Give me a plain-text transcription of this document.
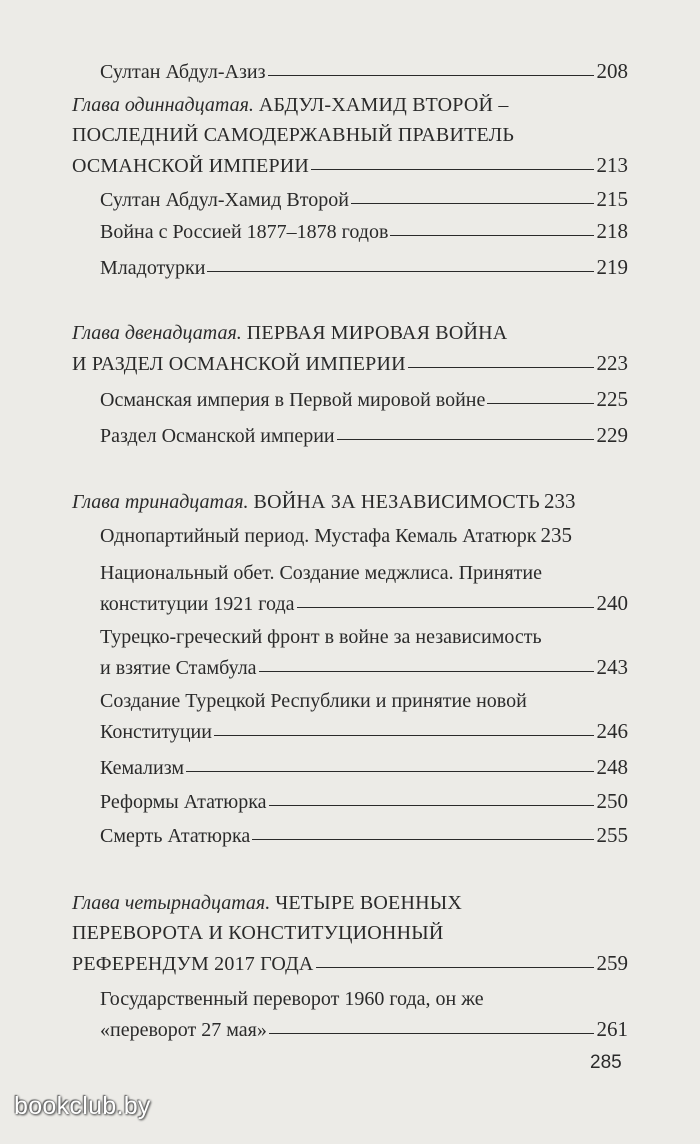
Султан Абдул-Азиз	208
Глава одиннадцатая. АБДУЛ-ХАМИД ВТОРОЙ –
ПОСЛЕДНИЙ САМОДЕРЖАВНЫЙ ПРАВИТЕЛЬ
ОСМАНСКОЙ ИМПЕРИИ	213
Султан Абдул-Хамид Второй	215
Война с Россией 1877–1878 годов	218
Младотурки	219
Глава двенадцатая. ПЕРВАЯ МИРОВАЯ ВОЙНА
И РАЗДЕЛ ОСМАНСКОЙ ИМПЕРИИ	223
Османская империя в Первой мировой войне	225
Раздел Османской империи	229
Глава тринадцатая. ВОЙНА ЗА НЕЗАВИСИМОСТЬ 233
Однопартийный период. Мустафа Кемаль Ататюрк 235
Национальный обет. Создание меджлиса. Принятие
конституции 1921 года	240
Турецко-греческий фронт в войне за независимость
и взятие Стамбула	243
Создание Турецкой Республики и принятие новой
Конституции	246
Кемализм	248
Реформы Ататюрка	250
Смерть Ататюрка	255
Глава четырнадцатая. ЧЕТЫРЕ ВОЕННЫХ
ПЕРЕВОРОТА И КОНСТИТУЦИОННЫЙ
РЕФЕРЕНДУМ 2017 ГОДА	259
Государственный переворот 1960 года, он же
«переворот 27 мая»	261
285
bookclub.by
